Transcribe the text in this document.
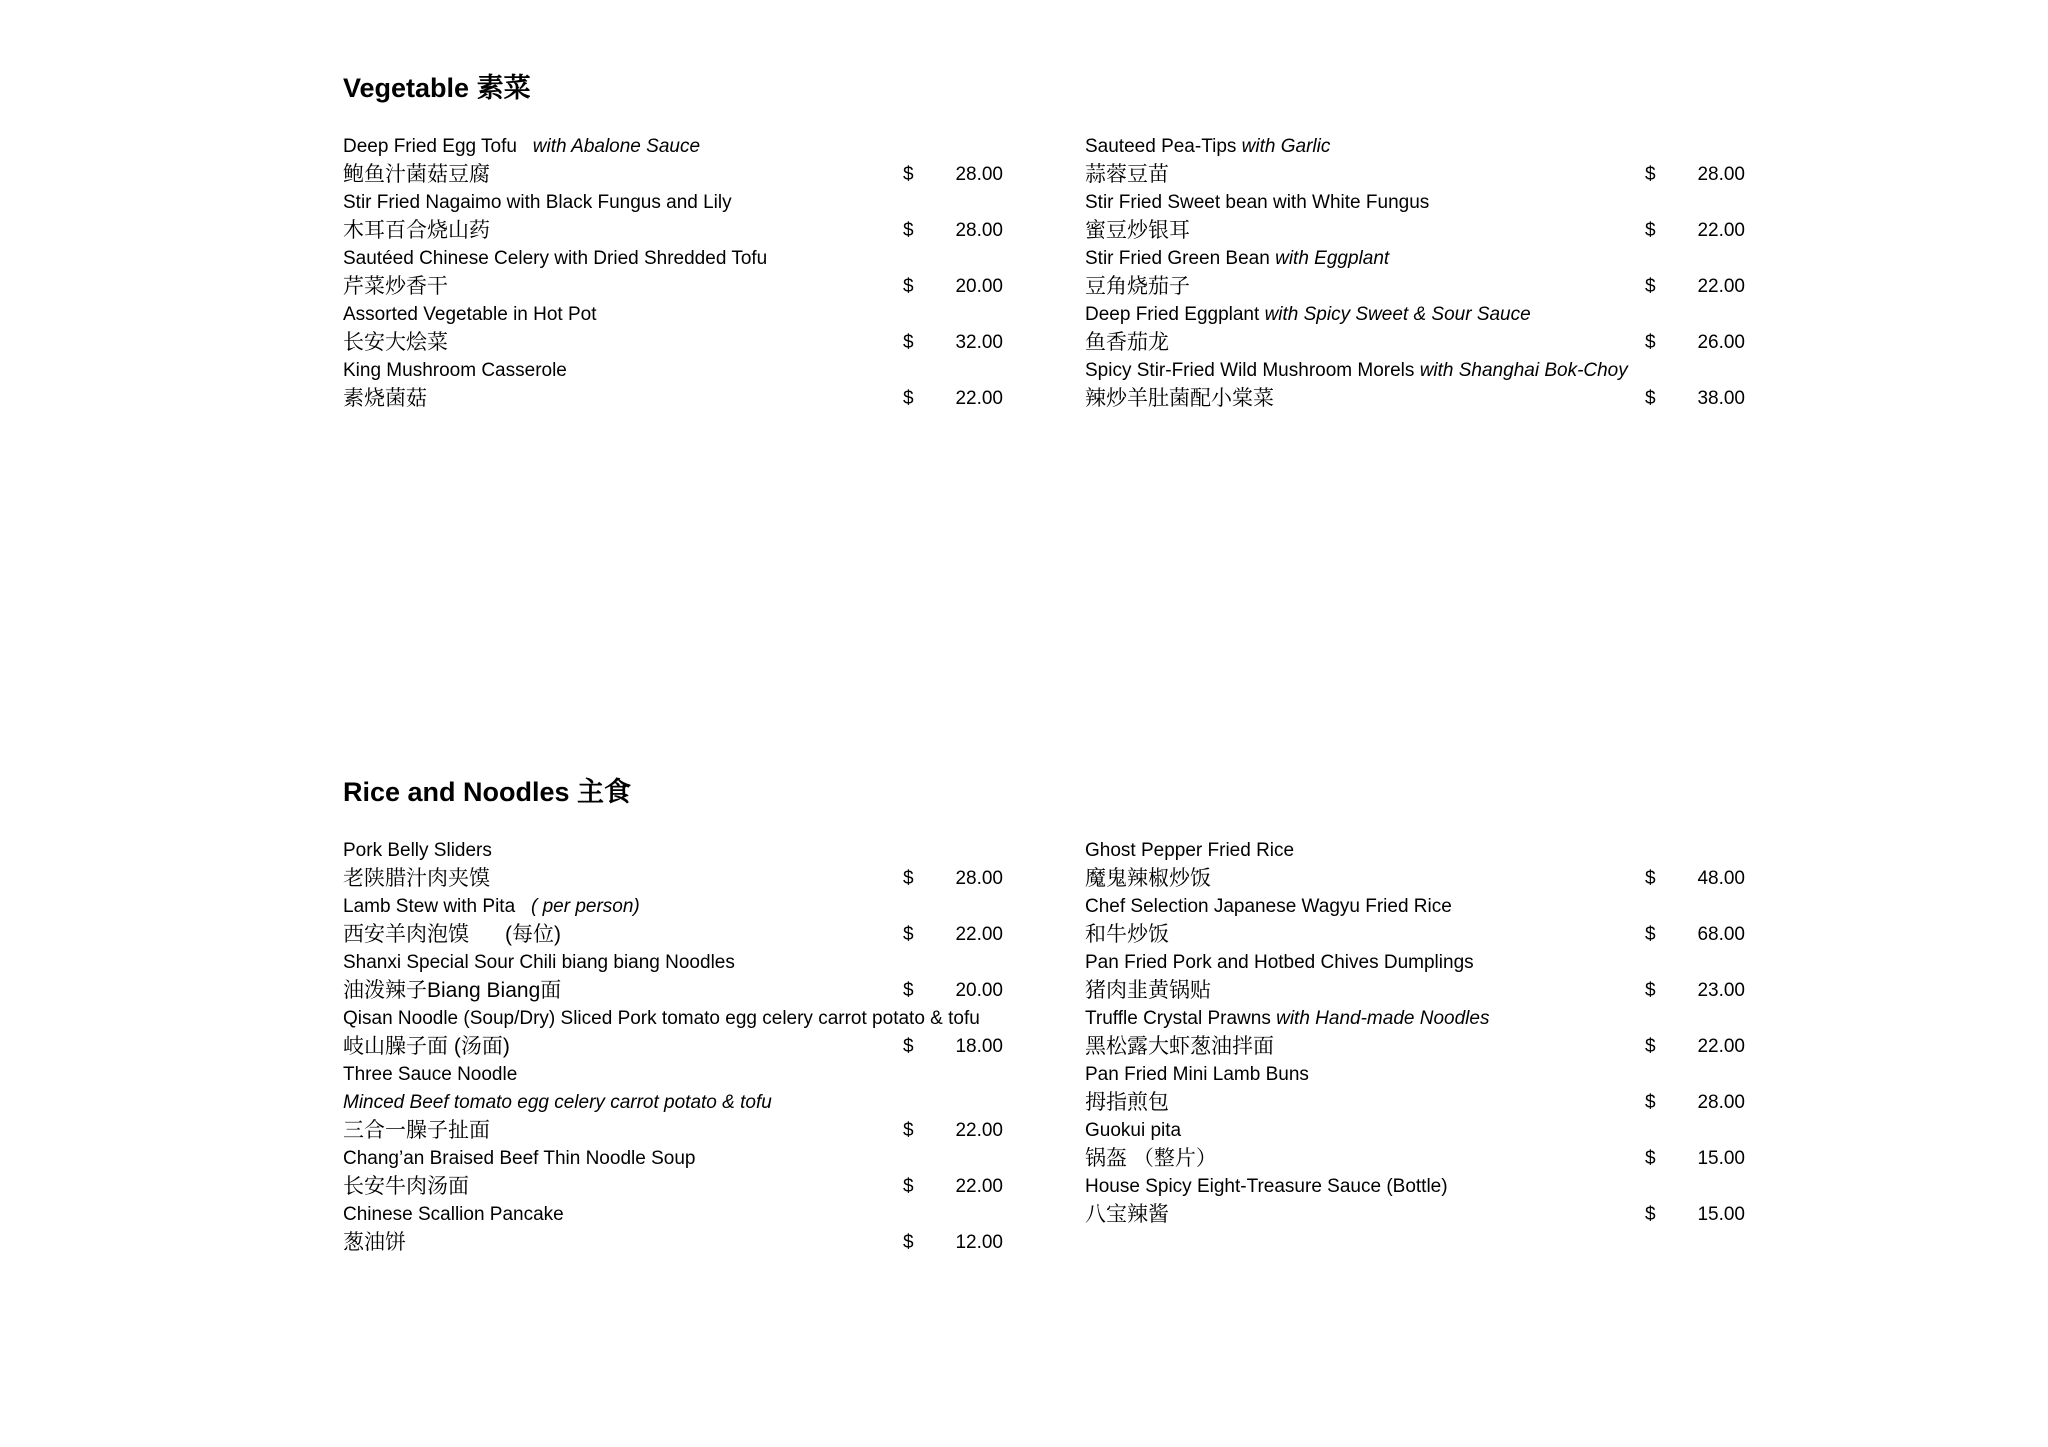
Vegetable 素菜
Deep Fried Egg Tofu with Abalone Sauce
鲍鱼汁菌菇豆腐	$	28.00
Stir Fried Nagaimo with Black Fungus and Lily
木耳百合烧山药	$	28.00
Sautéed Chinese Celery with Dried Shredded Tofu
芹菜炒香干	$	20.00
Assorted Vegetable in Hot Pot
长安大烩菜	$	32.00
King Mushroom Casserole
素烧菌菇	$	22.00
Sauteed Pea-Tips with Garlic
蒜蓉豆苗	$	28.00
Stir Fried Sweet bean with White Fungus
蜜豆炒银耳	$	22.00
Stir Fried Green Bean with Eggplant
豆角烧茄子	$	22.00
Deep Fried Eggplant with Spicy Sweet & Sour Sauce
鱼香茄龙	$	26.00
Spicy Stir-Fried Wild Mushroom Morels with Shanghai Bok-Choy
辣炒羊肚菌配小棠菜	$	38.00
Rice and Noodles 主食
Pork Belly Sliders
老陕腊汁肉夹馍	$	28.00
Lamb Stew with Pita ( per person)
西安羊肉泡馍 (每位)	$	22.00
Shanxi Special Sour Chili biang biang Noodles
油泼辣子Biang Biang面	$	20.00
Qisan Noodle (Soup/Dry) Sliced Pork tomato egg celery carrot potato & tofu
岐山臊子面 (汤面)	$	18.00
Three Sauce Noodle
Minced Beef tomato egg celery carrot potato & tofu
三合一臊子扯面	$	22.00
Chang’an Braised Beef Thin Noodle Soup
长安牛肉汤面	$	22.00
Chinese Scallion Pancake
葱油饼	$	12.00
Ghost Pepper Fried Rice
魔鬼辣椒炒饭	$	48.00
Chef Selection Japanese Wagyu Fried Rice
和牛炒饭	$	68.00
Pan Fried Pork and Hotbed Chives Dumplings
猪肉韭黄锅贴	$	23.00
Truffle Crystal Prawns with Hand-made Noodles
黑松露大虾葱油拌面	$	22.00
Pan Fried Mini Lamb Buns
拇指煎包	$	28.00
Guokui pita
锅盔 （整片）	$	15.00
House Spicy Eight-Treasure Sauce (Bottle)
八宝辣酱	$	15.00
